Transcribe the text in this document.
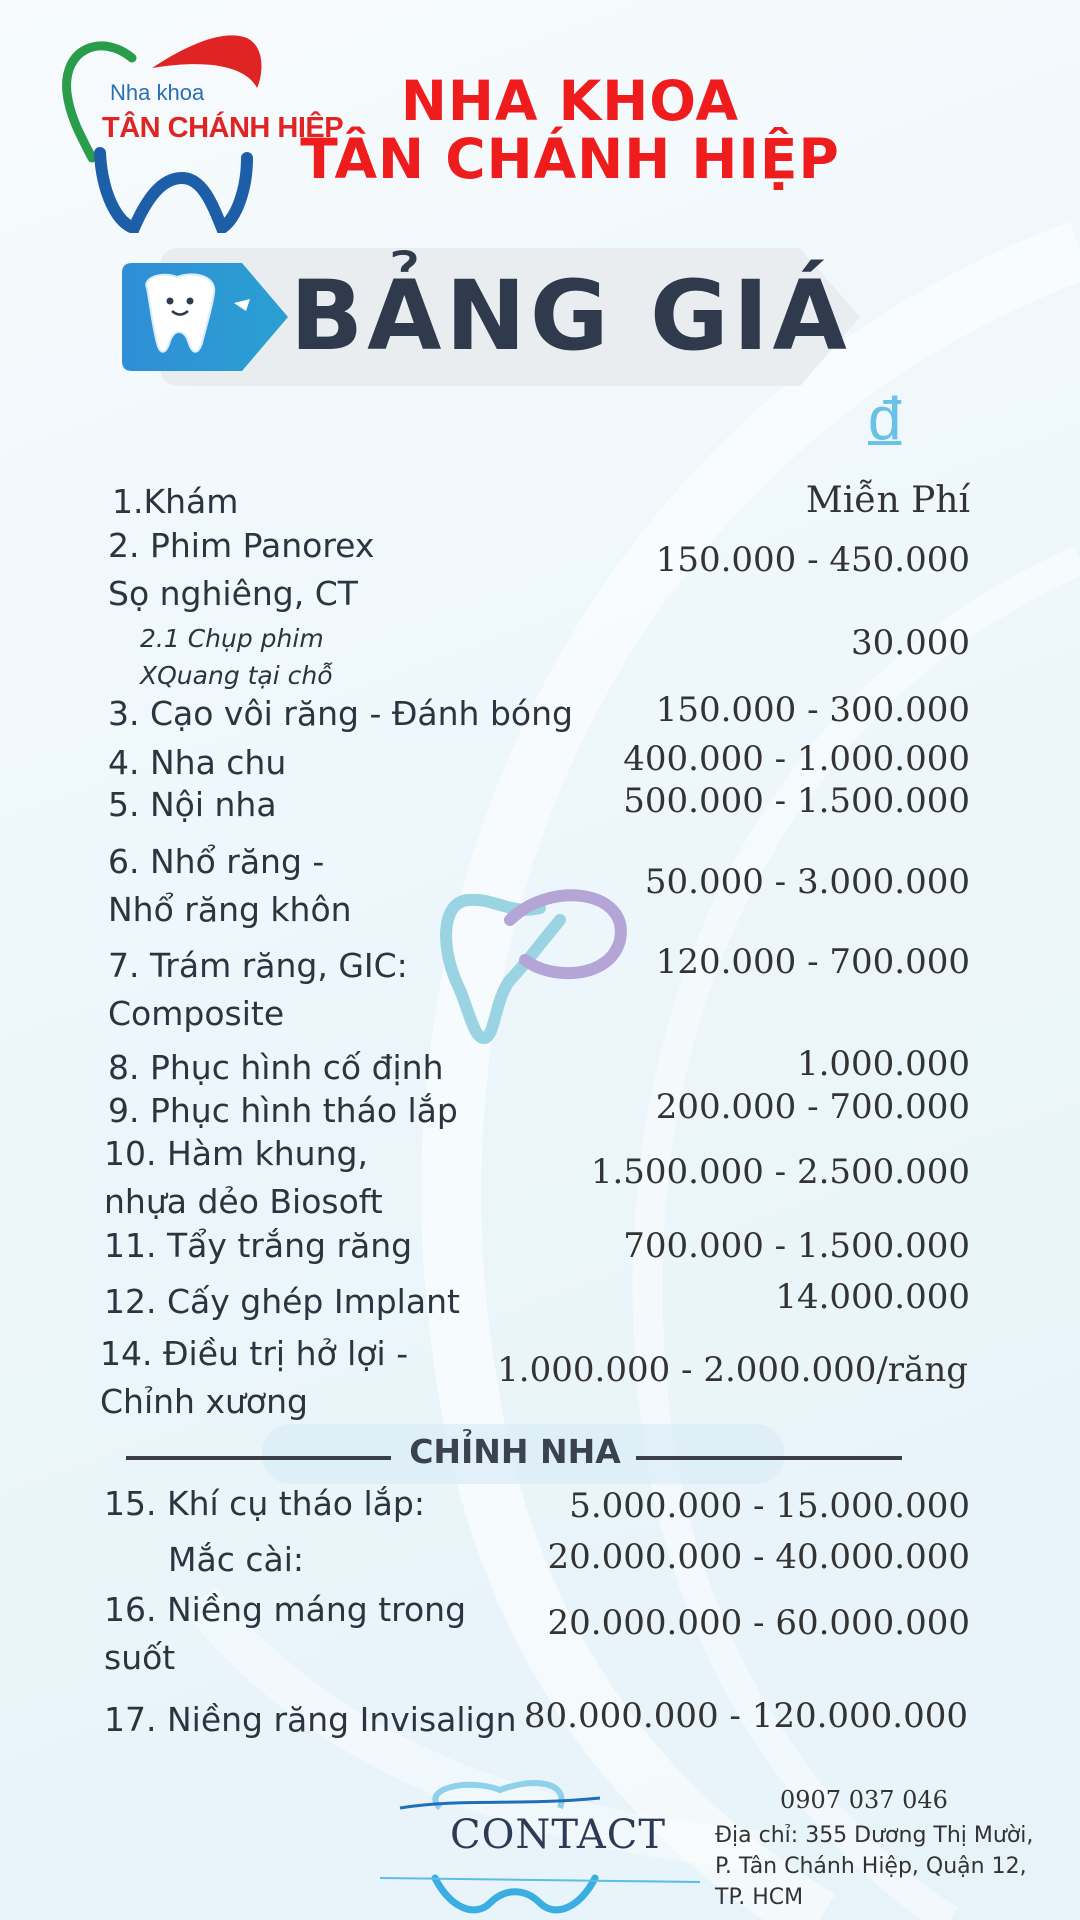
Nha khoa
TÂN CHÁNH HIỆP	NHA KHOA
TÂN CHÁNH HIỆP
BẢNG GIÁ
đ
1.Khám	Miễn Phí
2. Phim Panorex
Sọ nghiêng, CT
150.000 - 450.000
2.1 Chụp phim
XQuang tại chỗ
30.000
3. Cạo vôi răng - Đánh bóng 150.000 - 300.000
4. Nha chu	400.000 - 1.000.000
5. Nội nha	500.000 - 1.500.000
6. Nhổ răng -
Nhổ răng khôn
50.000 - 3.000.000
7. Trám răng, GIC:
Composite
120.000 - 700.000
8. Phục hình cố định	1.000.000
9. Phục hình tháo lắp	200.000 - 700.000
10. Hàm khung,
nhựa dẻo Biosoft
1.500.000 - 2.500.000
11. Tẩy trắng răng	700.000 - 1.500.000
12. Cấy ghép Implant	14.000.000
14. Điều trị hở lợi -
Chỉnh xương
1.000.000 - 2.000.000/răng
CHỈNH NHA
15. Khí cụ tháo lắp:	5.000.000 - 15.000.000
Mắc cài:	20.000.000 - 40.000.000
16. Niềng máng trong
suốt
20.000.000 - 60.000.000
17. Niềng răng Invisalign 80.000.000 - 120.000.000
CONTACT
0907 037 046
Địa chỉ: 355 Dương Thị Mười,
P. Tân Chánh Hiệp, Quận 12,
TP. HCM
